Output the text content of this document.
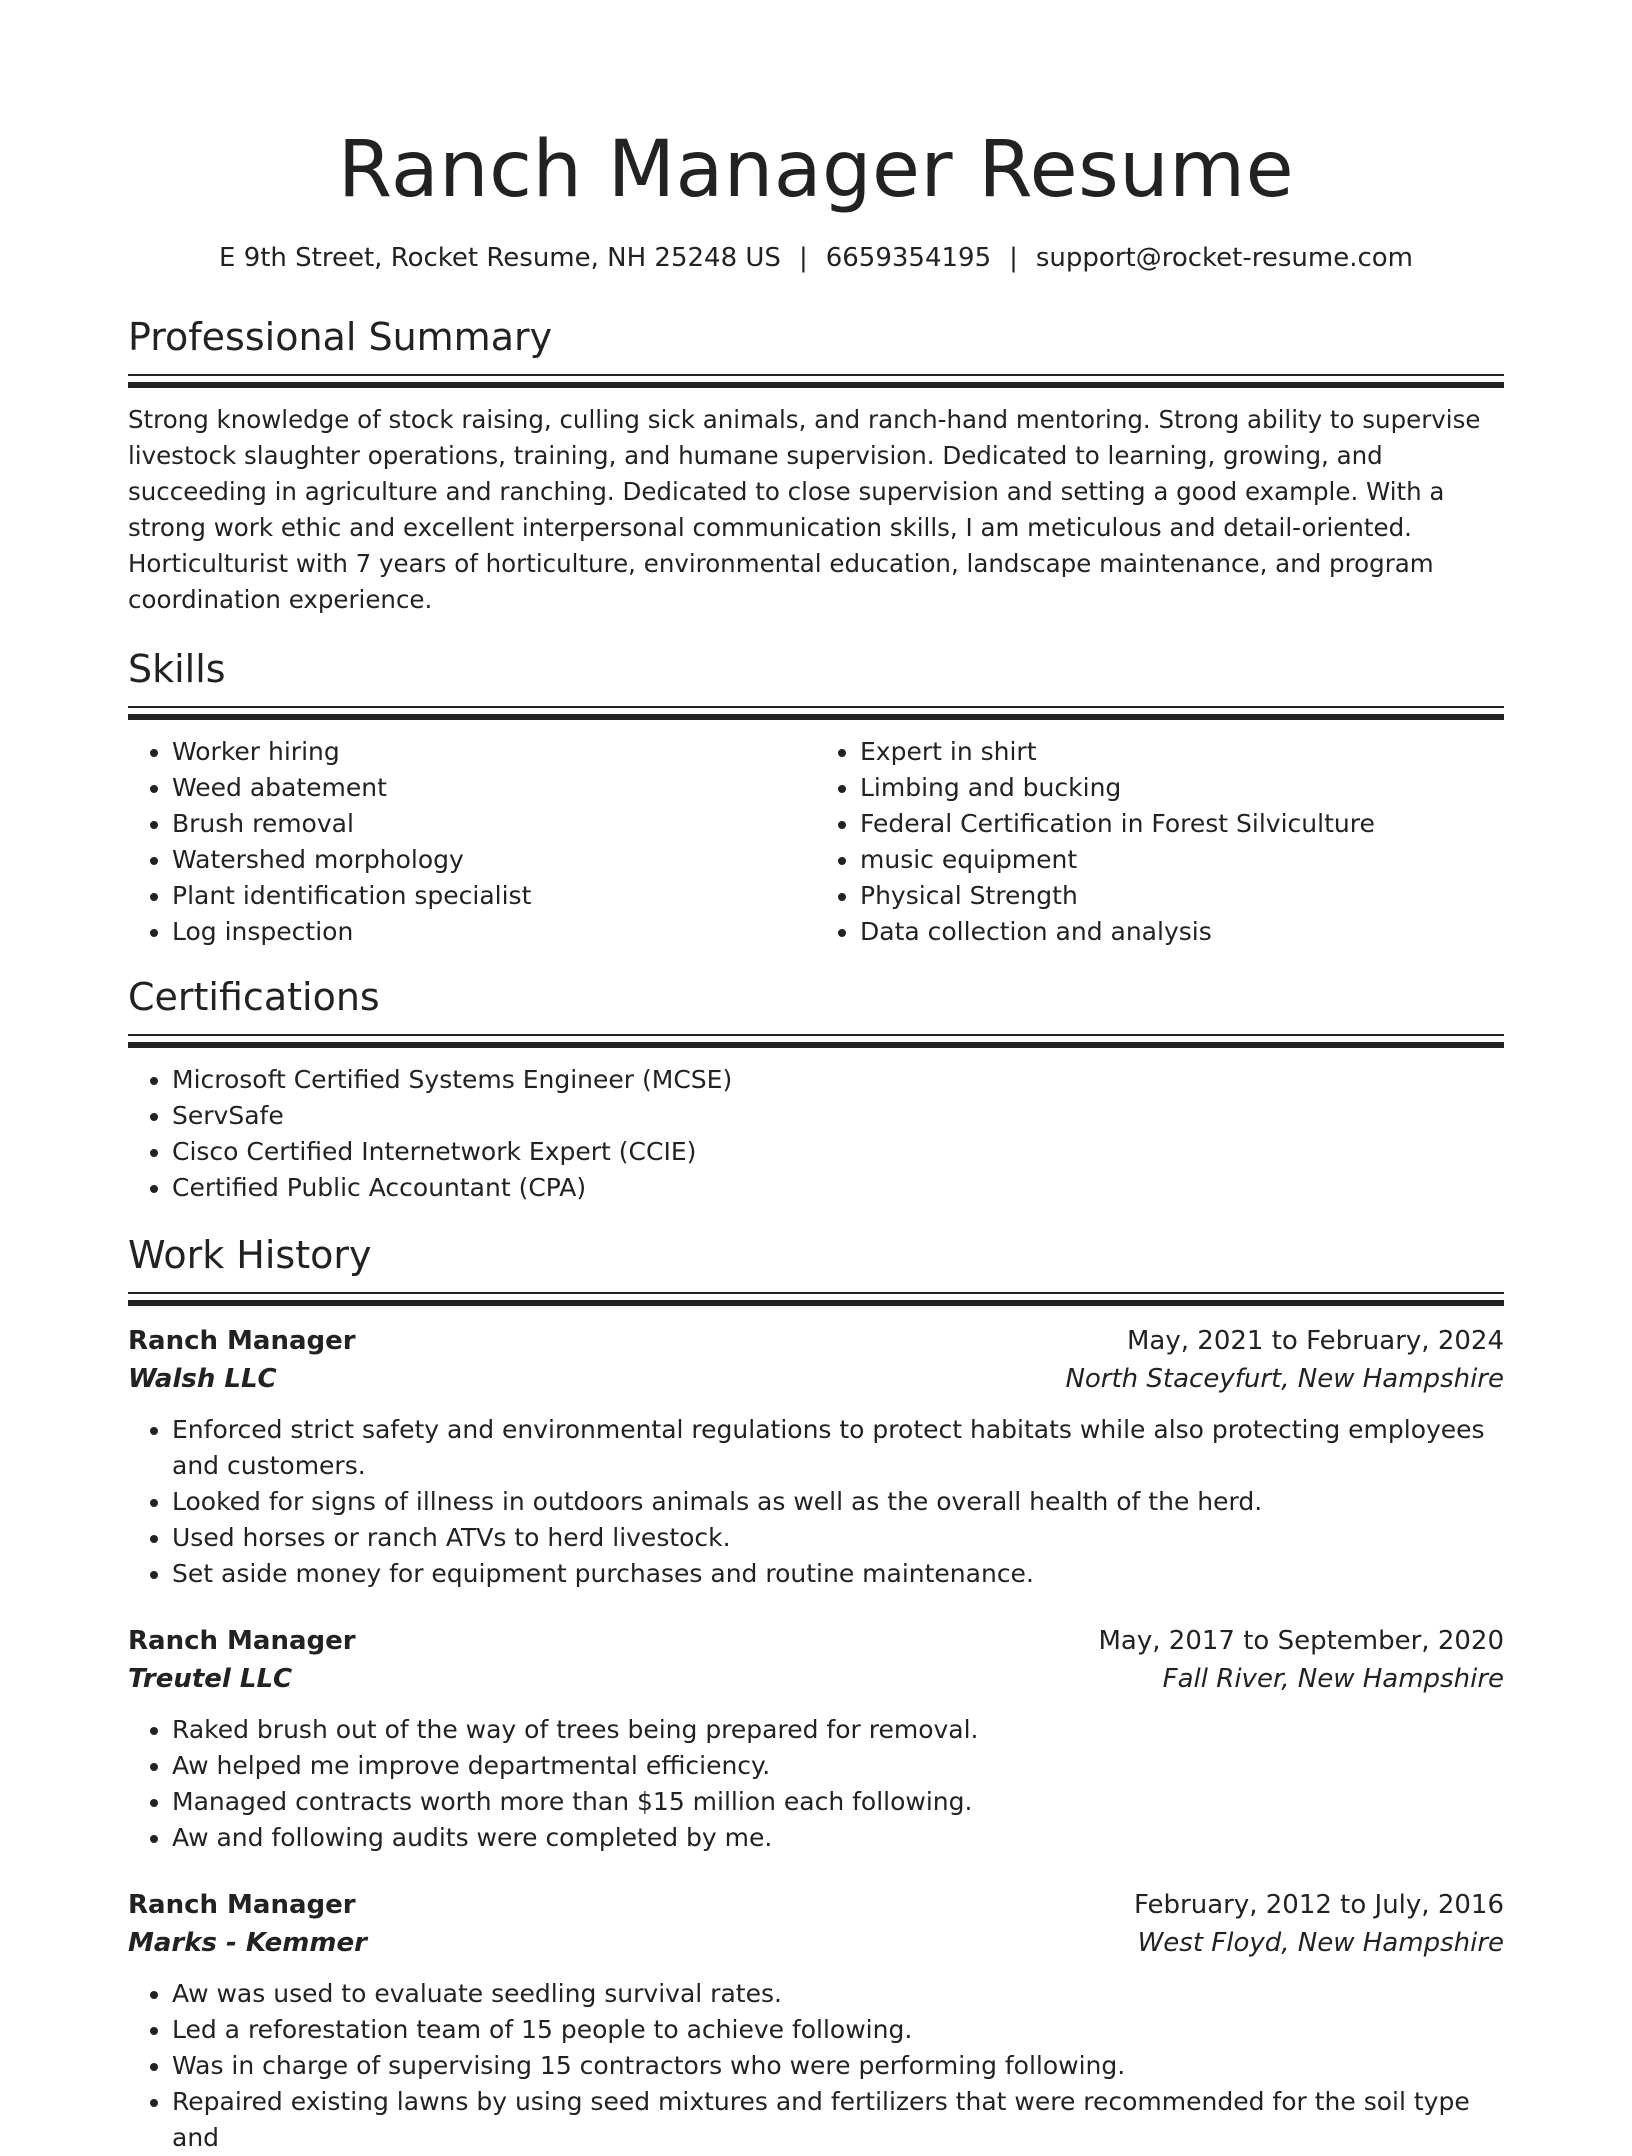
Ranch Manager Resume
E 9th Street, Rocket Resume, NH 25248 US | 6659354195 | support@rocket-resume.com
Professional Summary

Strong knowledge of stock raising, culling sick animals, and ranch-hand mentoring. Strong ability to supervise livestock slaughter operations, training, and humane supervision. Dedicated to learning, growing, and succeeding in agriculture and ranching. Dedicated to close supervision and setting a good example. With a strong work ethic and excellent interpersonal communication skills, I am meticulous and detail-oriented. Horticulturist with 7 years of horticulture, environmental education, landscape maintenance, and program coordination experience.

Skills
• Worker hiring
• Weed abatement
• Brush removal
• Watershed morphology
• Plant identification specialist
• Log inspection
• Expert in shirt
• Limbing and bucking
• Federal Certification in Forest Silviculture
• music equipment
• Physical Strength
• Data collection and analysis
Certifications
• Microsoft Certified Systems Engineer (MCSE)
• ServSafe
• Cisco Certified Internetwork Expert (CCIE)
• Certified Public Accountant (CPA)
Work History
Ranch Manager	May, 2021 to February, 2024
Walsh LLC	North Staceyfurt, New Hampshire
• Enforced strict safety and environmental regulations to protect habitats while also protecting employees and customers.
• Looked for signs of illness in outdoors animals as well as the overall health of the herd.
• Used horses or ranch ATVs to herd livestock.
• Set aside money for equipment purchases and routine maintenance.
Ranch Manager	May, 2017 to September, 2020
Treutel LLC	Fall River, New Hampshire
• Raked brush out of the way of trees being prepared for removal.
• Aw helped me improve departmental efficiency.
• Managed contracts worth more than $15 million each following.
• Aw and following audits were completed by me.
Ranch Manager	February, 2012 to July, 2016
Marks - Kemmer	West Floyd, New Hampshire
• Aw was used to evaluate seedling survival rates.
• Led a reforestation team of 15 people to achieve following.
• Was in charge of supervising 15 contractors who were performing following.
• Repaired existing lawns by using seed mixtures and fertilizers that were recommended for the soil type and
